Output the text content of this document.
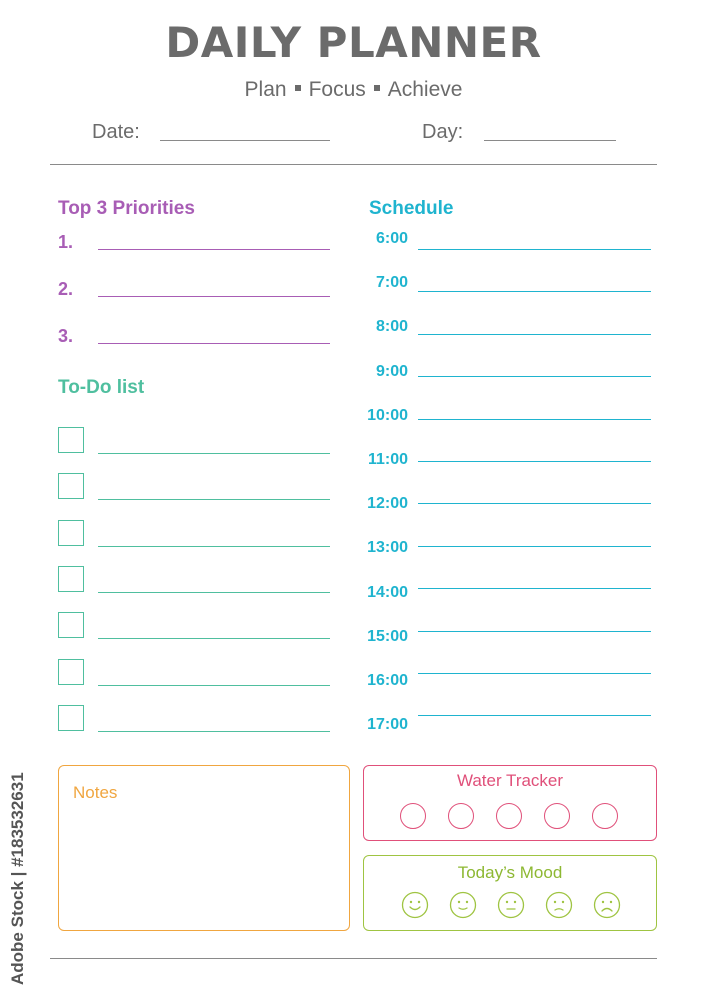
DAILY PLANNER
Plan Focus Achieve
Date:	Day:
Top 3 Priorities
1.
2.
3.
To-Do list
Schedule
6:00
7:00
8:00
9:00
10:00
11:00
12:00
13:00
14:00
15:00
16:00
17:00
Notes
Water Tracker
Today’s Mood
Adobe Stock | #183532631
